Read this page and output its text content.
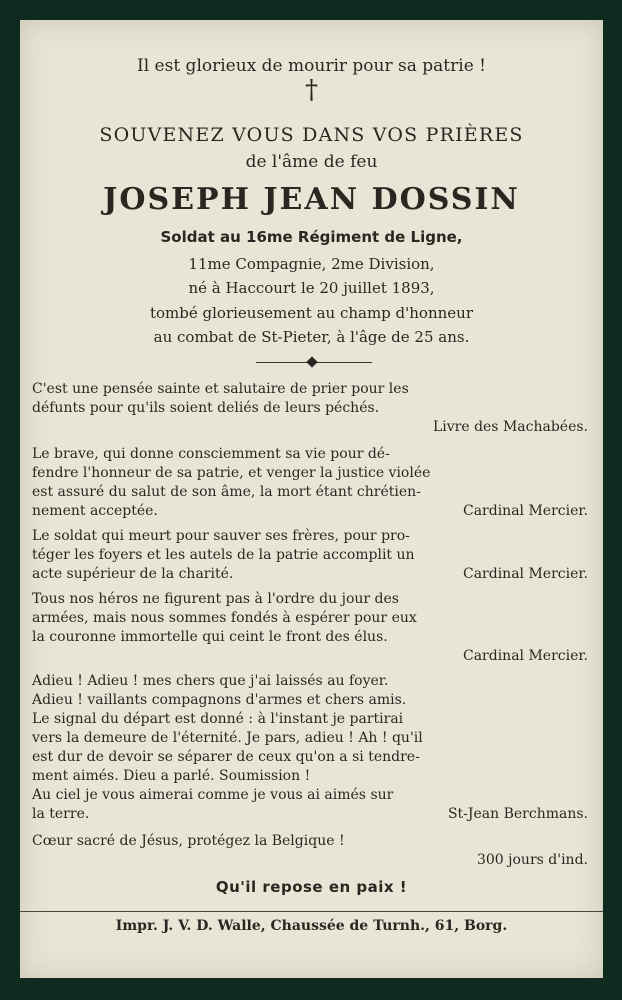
Il est glorieux de mourir pour sa patrie !
†
SOUVENEZ VOUS DANS VOS PRIÈRES
de l'âme de feu
JOSEPH JEAN DOSSIN
Soldat au 16me Régiment de Ligne,
11me Compagnie, 2me Division,
né à Haccourt le 20 juillet 1893,
tombé glorieusement au champ d'honneur
au combat de St-Pieter, à l'âge de 25 ans.
C'est une pensée sainte et salutaire de prier pour les
défunts pour qu'ils soient deliés de leurs péchés.
Livre des Machabées.
Le brave, qui donne consciemment sa vie pour dé-
fendre l'honneur de sa patrie, et venger la justice violée
est assuré du salut de son âme, la mort étant chrétien-
nement acceptée.	Cardinal Mercier.
Le soldat qui meurt pour sauver ses frères, pour pro-
téger les foyers et les autels de la patrie accomplit un
acte supérieur de la charité.	Cardinal Mercier.
Tous nos héros ne figurent pas à l'ordre du jour des
armées, mais nous sommes fondés à espérer pour eux
la couronne immortelle qui ceint le front des élus.
Cardinal Mercier.
Adieu ! Adieu ! mes chers que j'ai laissés au foyer.
Adieu ! vaillants compagnons d'armes et chers amis.
Le signal du départ est donné : à l'instant je partirai
vers la demeure de l'éternité. Je pars, adieu ! Ah ! qu'il
est dur de devoir se séparer de ceux qu'on a si tendre-
ment aimés. Dieu a parlé. Soumission !
Au ciel je vous aimerai comme je vous ai aimés sur
la terre.	St-Jean Berchmans.
Cœur sacré de Jésus, protégez la Belgique !
300 jours d'ind.
Qu'il repose en paix !
Impr. J. V. D. Walle, Chaussée de Turnh., 61, Borg.
